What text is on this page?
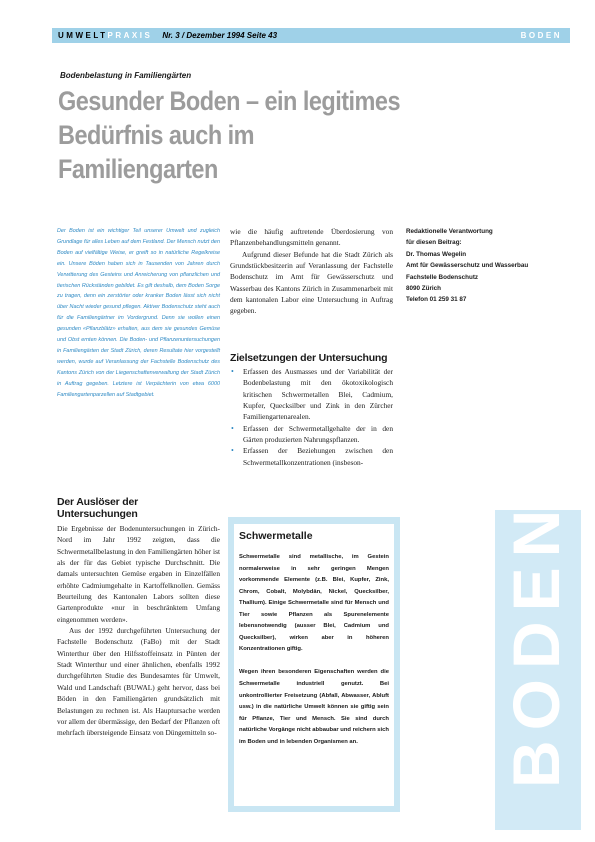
UMWELTPRAXIS Nr. 3 / Dezember 1994 Seite 43	BODEN
Bodenbelastung in Familiengärten
Gesunder Boden – ein legitimes Bedürfnis auch im Familiengarten
Der Boden ist ein wichtiger Teil unserer Umwelt und zugleich Grundlage für alles Leben auf dem Festland. Der Mensch nutzt den Boden auf vielfältige Weise, er greift so in natürliche Regelkreise ein. Unsere Böden haben sich in Tausenden von Jahren durch Verwitterung des Gesteins und Anreicherung von pflanzlichen und tierischen Rückständen gebildet. Es gilt deshalb, dem Boden Sorge zu tragen, denn ein zerstörter oder kranker Boden lässt sich nicht über Nacht wieder gesund pflegen. Aktiver Bodenschutz steht auch für die Familiengärtner im Vordergrund. Denn sie wollen einen gesunden «Pflanzblätz» erhalten, aus dem sie gesundes Gemüse und Obst ernten können. Die Boden- und Pflanzenuntersuchungen in Familiengärten der Stadt Zürich, deren Resultate hier vorgestellt werden, wurde auf Veranlassung der Fachstelle Bodenschutz des Kantons Zürich von der Liegenschaftenverwaltung der Stadt Zürich in Auftrag gegeben. Letztere ist Verpächterin von etwa 6000 Familiengartenparzellen auf Stadtgebiet.
Der Auslöser der Untersuchungen

Die Ergebnisse der Bodenuntersuchungen in Zürich-Nord im Jahr 1992 zeigten, dass die Schwermetallbelastung in den Familiengärten höher ist als der für das Gebiet typische Durchschnitt. Die damals untersuchten Gemüse ergaben in Einzelfällen erhöhte Cadmiumgehalte in Kartoffelknollen. Gemäss Beurteilung des Kantonalen Labors sollten diese Gartenprodukte «nur in beschränktem Umfang eingenommen werden».

Aus der 1992 durchgeführten Untersuchung der Fachstelle Bodenschutz (FaBo) mit der Stadt Winterthur über den Hilfsstoffeinsatz in Pünten der Stadt Winterthur und einer ähnlichen, ebenfalls 1992 durchgeführten Studie des Bundesamtes für Umwelt, Wald und Landschaft (BUWAL) geht hervor, dass bei Böden in den Familiengärten grundsätzlich mit Belastungen zu rechnen ist. Als Hauptursache werden vor allem der übermässige, den Bedarf der Pflanzen oft mehrfach übersteigende Einsatz von Düngemitteln so-

wie die häufig auftretende Überdosierung von Pflanzenbehandlungsmitteln genannt.

Aufgrund dieser Befunde hat die Stadt Zürich als Grundstückbesitzerin auf Veranlassung der Fachstelle Bodenschutz im Amt für Gewässerschutz und Wasserbau des Kantons Zürich in Zusammenarbeit mit dem kantonalen Labor eine Untersuchung in Auftrag gegeben.

Zielsetzungen der Untersuchung
• Erfassen des Ausmasses und der Variabilität der Bodenbelastung mit den ökotoxikologisch kritischen Schwermetallen Blei, Cadmium, Kupfer, Quecksilber und Zink in den Zürcher Familiengartenarealen.
• Erfassen der Schwermetallgehalte der in den Gärten produzierten Nahrungspflanzen.
• Erfassen der Beziehungen zwischen den Schwermetallkonzentrationen (insbeson-
Redaktionelle Verantwortung
für diesen Beitrag:
Dr. Thomas Wegelin
Amt für Gewässerschutz und Wasserbau
Fachstelle Bodenschutz
8090 Zürich
Telefon 01 259 31 87
Schwermetalle

Schwermetalle sind metallische, im Gestein normalerweise in sehr geringen Mengen vorkommende Elemente (z.B. Blei, Kupfer, Zink, Chrom, Cobalt, Molybdän, Nickel, Quecksilber, Thallium). Einige Schwermetalle sind für Mensch und Tier sowie Pflanzen als Spurenelemente lebensnotwendig (ausser Blei, Cadmium und Quecksilber), wirken aber in höheren Konzentrationen giftig.

Wegen ihren besonderen Eigenschaften werden die Schwermetalle industriell genutzt. Bei unkontrollierter Freisetzung (Abfall, Abwasser, Abluft usw.) in die natürliche Umwelt können sie giftig sein für Pflanze, Tier und Mensch. Sie sind durch natürliche Vorgänge nicht abbaubar und reichern sich im Boden und in lebenden Organismen an.	BODEN
